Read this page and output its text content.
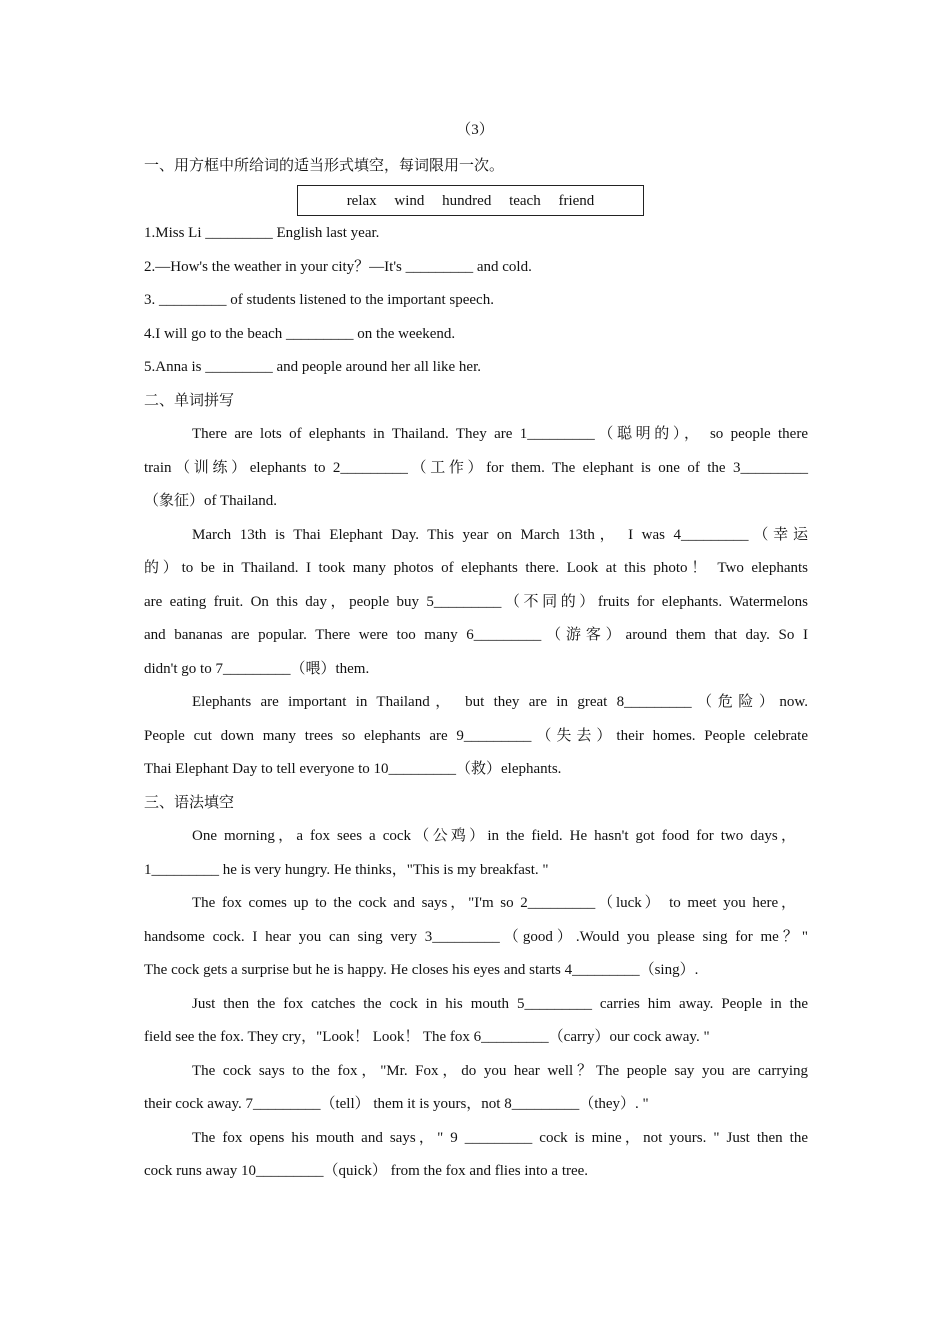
（3）
一、用方框中所给词的适当形式填空，每词限用一次。
relax wind hundred teach friend
1.Miss Li _________ English last year.
2.—How's the weather in your city？—It's _________ and cold.
3. _________ of students listened to the important speech.
4.I will go to the beach _________ on the weekend.
5.Anna is _________ and people around her all like her.
二、单词拼写
There are lots of elephants in Thailand. They are 1_________（聪明的）， so people there
train（训练）elephants to 2_________（工作）for them. The elephant is one of the 3_________
（象征）of Thailand.
March 13th is Thai Elephant Day. This year on March 13th， I was 4_________（幸运
的）to be in Thailand. I took many photos of elephants there. Look at this photo！ Two elephants
are eating fruit. On this day，people buy 5_________（不同的）fruits for elephants. Watermelons
and bananas are popular. There were too many 6_________（游客）around them that day. So I
didn't go to 7_________（喂）them.
Elephants are important in Thailand， but they are in great 8_________（危险）now.
People cut down many trees so elephants are 9_________（失去）their homes. People celebrate
Thai Elephant Day to tell everyone to 10_________（救）elephants.
三、语法填空
One morning，a fox sees a cock（公鸡）in the field. He hasn't got food for two days，
1_________ he is very hungry. He thinks，"This is my breakfast. "
The fox comes up to the cock and says，"I'm so 2_________（luck） to meet you here，
handsome cock. I hear you can sing very 3_________（good）.Would you please sing for me？"
The cock gets a surprise but he is happy. He closes his eyes and starts 4_________（sing）.
Just then the fox catches the cock in his mouth 5_________ carries him away. People in the
field see the fox. They cry，"Look！ Look！ The fox 6_________（carry）our cock away. "
The cock says to the fox，"Mr. Fox，do you hear well？The people say you are carrying
their cock away. 7_________（tell） them it is yours，not 8_________（they）. "
The fox opens his mouth and says，" 9 _________ cock is mine，not yours. " Just then the
cock runs away 10_________（quick） from the fox and flies into a tree.
